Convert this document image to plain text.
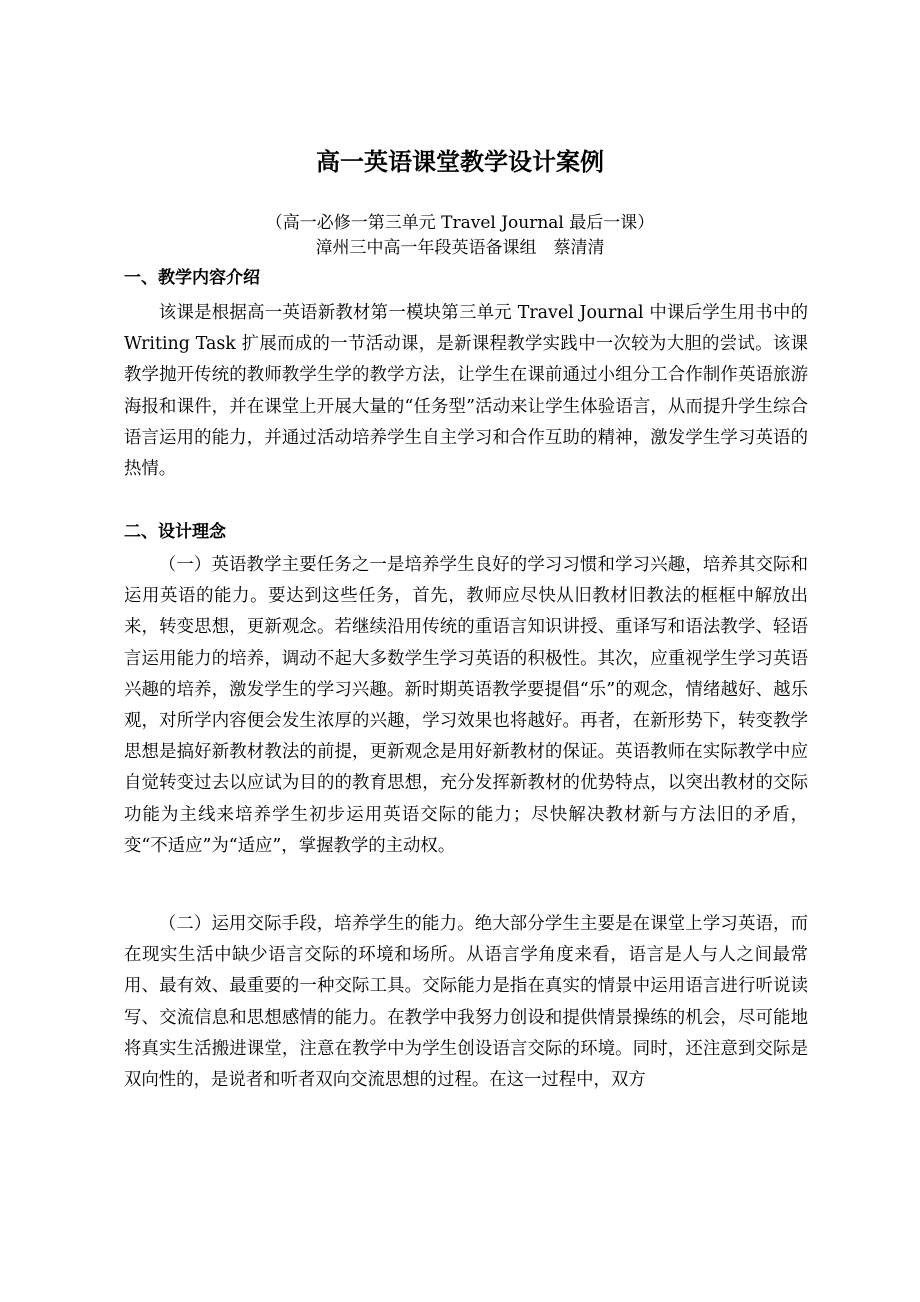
高一英语课堂教学设计案例

（高一必修一第三单元 Travel Journal 最后一课）

漳州三中高一年段英语备课组　蔡清清

一、教学内容介绍

该课是根据高一英语新教材第一模块第三单元 Travel Journal 中课后学生用书中的 Writing Task 扩展而成的一节活动课，是新课程教学实践中一次较为大胆的尝试。该课教学抛开传统的教师教学生学的教学方法，让学生在课前通过小组分工合作制作英语旅游海报和课件，并在课堂上开展大量的“任务型”活动来让学生体验语言，从而提升学生综合语言运用的能力，并通过活动培养学生自主学习和合作互助的精神，激发学生学习英语的热情。

二、设计理念

（一）英语教学主要任务之一是培养学生良好的学习习惯和学习兴趣，培养其交际和运用英语的能力。要达到这些任务，首先，教师应尽快从旧教材旧教法的框框中解放出来，转变思想，更新观念。若继续沿用传统的重语言知识讲授、重译写和语法教学、轻语言运用能力的培养，调动不起大多数学生学习英语的积极性。其次，应重视学生学习英语兴趣的培养，激发学生的学习兴趣。新时期英语教学要提倡“乐”的观念，情绪越好、越乐观，对所学内容便会发生浓厚的兴趣，学习效果也将越好。再者，在新形势下，转变教学思想是搞好新教材教法的前提，更新观念是用好新教材的保证。英语教师在实际教学中应自觉转变过去以应试为目的的教育思想，充分发挥新教材的优势特点，以突出教材的交际功能为主线来培养学生初步运用英语交际的能力；尽快解决教材新与方法旧的矛盾，变“不适应”为“适应”，掌握教学的主动权。

（二）运用交际手段，培养学生的能力。绝大部分学生主要是在课堂上学习英语，而在现实生活中缺少语言交际的环境和场所。从语言学角度来看，语言是人与人之间最常用、最有效、最重要的一种交际工具。交际能力是指在真实的情景中运用语言进行听说读写、交流信息和思想感情的能力。在教学中我努力创设和提供情景操练的机会，尽可能地将真实生活搬进课堂，注意在教学中为学生创设语言交际的环境。同时，还注意到交际是双向性的，是说者和听者双向交流思想的过程。在这一过程中，双方
